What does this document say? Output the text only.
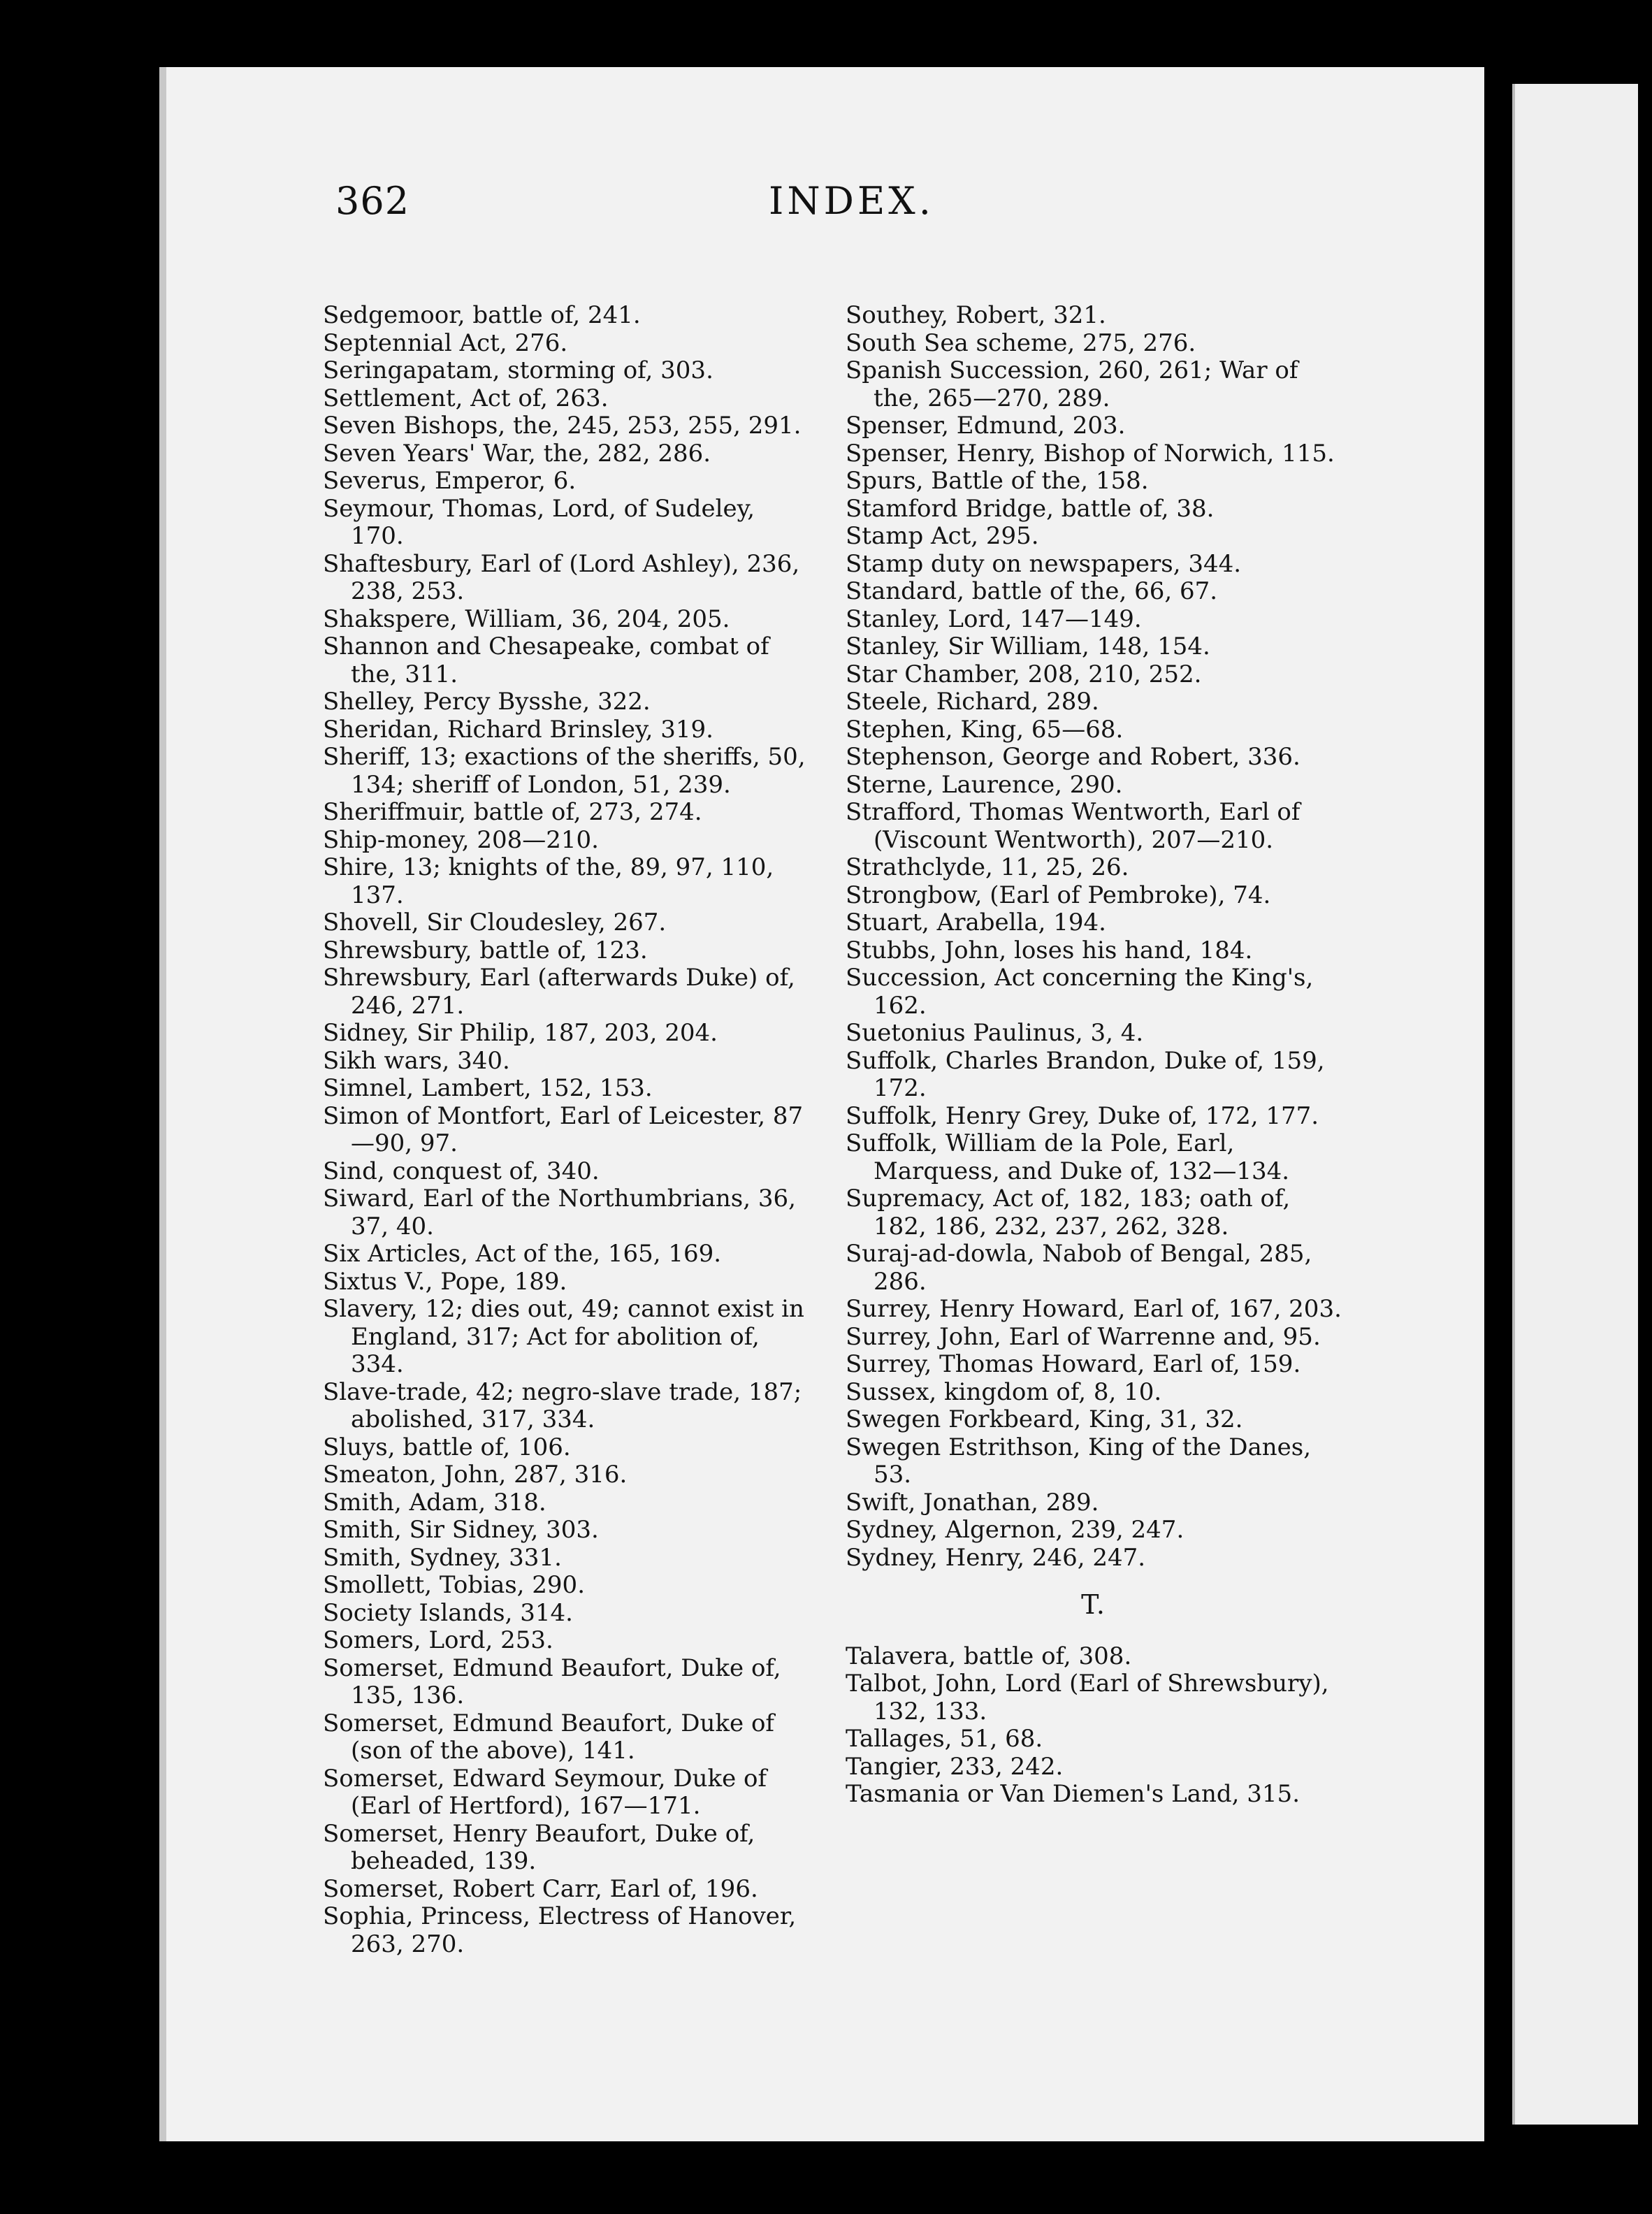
362	INDEX.

Sedgemoor, battle of, 241.

Septennial Act, 276.

Seringapatam, storming of, 303.

Settlement, Act of, 263.

Seven Bishops, the, 245, 253, 255, 291.

Seven Years' War, the, 282, 286.

Severus, Emperor, 6.

Seymour, Thomas, Lord, of Sudeley, 170.

Shaftesbury, Earl of (Lord Ashley), 236, 238, 253.

Shakspere, William, 36, 204, 205.

Shannon and Chesapeake, combat of the, 311.

Shelley, Percy Bysshe, 322.

Sheridan, Richard Brinsley, 319.

Sheriff, 13; exactions of the sheriffs, 50, 134; sheriff of London, 51, 239.

Sheriffmuir, battle of, 273, 274.

Ship-money, 208—210.

Shire, 13; knights of the, 89, 97, 110, 137.

Shovell, Sir Cloudesley, 267.

Shrewsbury, battle of, 123.

Shrewsbury, Earl (afterwards Duke) of, 246, 271.

Sidney, Sir Philip, 187, 203, 204.

Sikh wars, 340.

Simnel, Lambert, 152, 153.

Simon of Montfort, Earl of Leicester, 87—90, 97.

Sind, conquest of, 340.

Siward, Earl of the Northumbrians, 36, 37, 40.

Six Articles, Act of the, 165, 169.

Sixtus V., Pope, 189.

Slavery, 12; dies out, 49; cannot exist in England, 317; Act for abolition of, 334.

Slave-trade, 42; negro-slave trade, 187; abolished, 317, 334.

Sluys, battle of, 106.

Smeaton, John, 287, 316.

Smith, Adam, 318.

Smith, Sir Sidney, 303.

Smith, Sydney, 331.

Smollett, Tobias, 290.

Society Islands, 314.

Somers, Lord, 253.

Somerset, Edmund Beaufort, Duke of, 135, 136.

Somerset, Edmund Beaufort, Duke of (son of the above), 141.

Somerset, Edward Seymour, Duke of (Earl of Hertford), 167—171.

Somerset, Henry Beaufort, Duke of, beheaded, 139.

Somerset, Robert Carr, Earl of, 196.

Sophia, Princess, Electress of Hanover, 263, 270.

Southey, Robert, 321.

South Sea scheme, 275, 276.

Spanish Succession, 260, 261; War of the, 265—270, 289.

Spenser, Edmund, 203.

Spenser, Henry, Bishop of Norwich, 115.

Spurs, Battle of the, 158.

Stamford Bridge, battle of, 38.

Stamp Act, 295.

Stamp duty on newspapers, 344.

Standard, battle of the, 66, 67.

Stanley, Lord, 147—149.

Stanley, Sir William, 148, 154.

Star Chamber, 208, 210, 252.

Steele, Richard, 289.

Stephen, King, 65—68.

Stephenson, George and Robert, 336.

Sterne, Laurence, 290.

Strafford, Thomas Wentworth, Earl of (Viscount Wentworth), 207—210.

Strathclyde, 11, 25, 26.

Strongbow, (Earl of Pembroke), 74.

Stuart, Arabella, 194.

Stubbs, John, loses his hand, 184.

Succession, Act concerning the King's, 162.

Suetonius Paulinus, 3, 4.

Suffolk, Charles Brandon, Duke of, 159, 172.

Suffolk, Henry Grey, Duke of, 172, 177.

Suffolk, William de la Pole, Earl, Marquess, and Duke of, 132—134.

Supremacy, Act of, 182, 183; oath of, 182, 186, 232, 237, 262, 328.

Suraj-ad-dowla, Nabob of Bengal, 285, 286.

Surrey, Henry Howard, Earl of, 167, 203.

Surrey, John, Earl of Warrenne and, 95.

Surrey, Thomas Howard, Earl of, 159.

Sussex, kingdom of, 8, 10.

Swegen Forkbeard, King, 31, 32.

Swegen Estrithson, King of the Danes, 53.

Swift, Jonathan, 289.

Sydney, Algernon, 239, 247.

Sydney, Henry, 246, 247.

T.

Talavera, battle of, 308.

Talbot, John, Lord (Earl of Shrewsbury), 132, 133.

Tallages, 51, 68.

Tangier, 233, 242.

Tasmania or Van Diemen's Land, 315.
